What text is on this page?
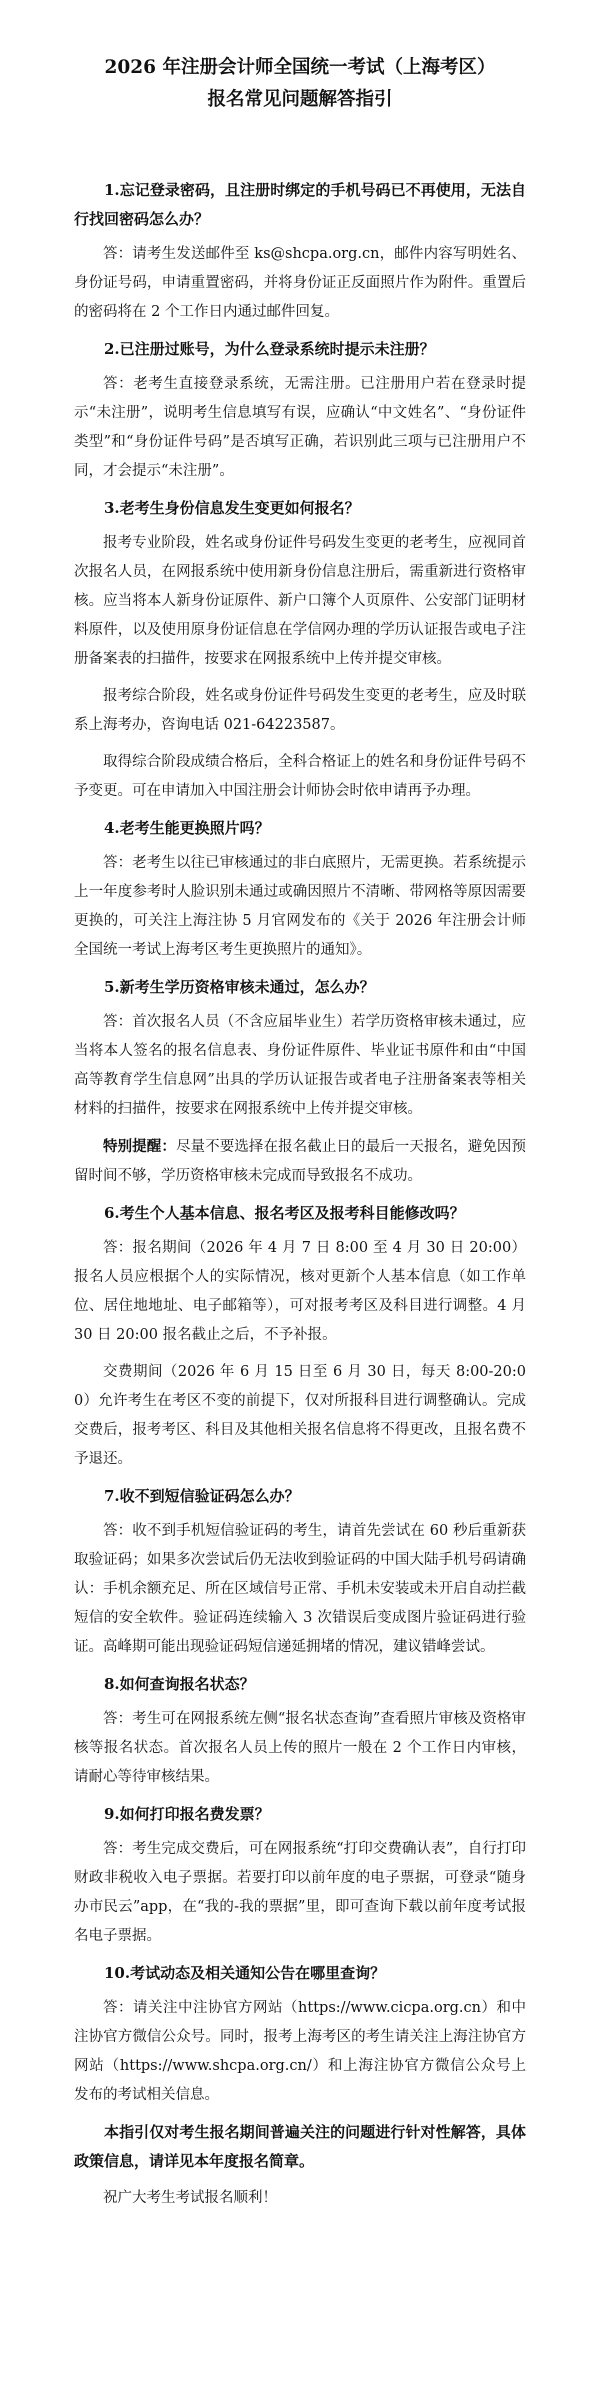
2026 年注册会计师全国统一考试（上海考区）
报名常见问题解答指引

1.忘记登录密码，且注册时绑定的手机号码已不再使用，无法自行找回密码怎么办？

答：请考生发送邮件至 ks@shcpa.org.cn，邮件内容写明姓名、身份证号码，申请重置密码，并将身份证正反面照片作为附件。重置后的密码将在 2 个工作日内通过邮件回复。

2.已注册过账号，为什么登录系统时提示未注册？

答：老考生直接登录系统，无需注册。已注册用户若在登录时提示“未注册”，说明考生信息填写有误，应确认“中文姓名”、“身份证件类型”和“身份证件号码”是否填写正确，若识别此三项与已注册用户不同，才会提示“未注册”。

3.老考生身份信息发生变更如何报名？

报考专业阶段，姓名或身份证件号码发生变更的老考生，应视同首次报名人员，在网报系统中使用新身份信息注册后，需重新进行资格审核。应当将本人新身份证原件、新户口簿个人页原件、公安部门证明材料原件，以及使用原身份证信息在学信网办理的学历认证报告或电子注册备案表的扫描件，按要求在网报系统中上传并提交审核。

报考综合阶段，姓名或身份证件号码发生变更的老考生，应及时联系上海考办，咨询电话 021-64223587。

取得综合阶段成绩合格后，全科合格证上的姓名和身份证件号码不予变更。可在申请加入中国注册会计师协会时依申请再予办理。

4.老考生能更换照片吗？

答：老考生以往已审核通过的非白底照片，无需更换。若系统提示上一年度参考时人脸识别未通过或确因照片不清晰、带网格等原因需要更换的，可关注上海注协 5 月官网发布的《关于 2026 年注册会计师全国统一考试上海考区考生更换照片的通知》。

5.新考生学历资格审核未通过，怎么办？

答：首次报名人员（不含应届毕业生）若学历资格审核未通过，应当将本人签名的报名信息表、身份证件原件、毕业证书原件和由“中国高等教育学生信息网”出具的学历认证报告或者电子注册备案表等相关材料的扫描件，按要求在网报系统中上传并提交审核。

特别提醒：尽量不要选择在报名截止日的最后一天报名，避免因预留时间不够，学历资格审核未完成而导致报名不成功。

6.考生个人基本信息、报名考区及报考科目能修改吗？

答：报名期间（2026 年 4 月 7 日 8:00 至 4 月 30 日 20:00）报名人员应根据个人的实际情况，核对更新个人基本信息（如工作单位、居住地地址、电子邮箱等），可对报考考区及科目进行调整。4 月 30 日 20:00 报名截止之后，不予补报。

交费期间（2026 年 6 月 15 日至 6 月 30 日，每天 8:00-20:00）允许考生在考区不变的前提下，仅对所报科目进行调整确认。完成交费后，报考考区、科目及其他相关报名信息将不得更改，且报名费不予退还。

7.收不到短信验证码怎么办？

答：收不到手机短信验证码的考生，请首先尝试在 60 秒后重新获取验证码；如果多次尝试后仍无法收到验证码的中国大陆手机号码请确认：手机余额充足、所在区域信号正常、手机未安装或未开启自动拦截短信的安全软件。验证码连续输入 3 次错误后变成图片验证码进行验证。高峰期可能出现验证码短信递延拥堵的情况，建议错峰尝试。

8.如何查询报名状态？

答：考生可在网报系统左侧“报名状态查询”查看照片审核及资格审核等报名状态。首次报名人员上传的照片一般在 2 个工作日内审核，请耐心等待审核结果。

9.如何打印报名费发票？

答：考生完成交费后，可在网报系统“打印交费确认表”，自行打印财政非税收入电子票据。若要打印以前年度的电子票据，可登录“随身办市民云”app，在“我的-我的票据”里，即可查询下载以前年度考试报名电子票据。

10.考试动态及相关通知公告在哪里查询？

答：请关注中注协官方网站（https://www.cicpa.org.cn）和中注协官方微信公众号。同时，报考上海考区的考生请关注上海注协官方网站（https://www.shcpa.org.cn/）和上海注协官方微信公众号上发布的考试相关信息。

本指引仅对考生报名期间普遍关注的问题进行针对性解答，具体政策信息，请详见本年度报名简章。

祝广大考生考试报名顺利！
